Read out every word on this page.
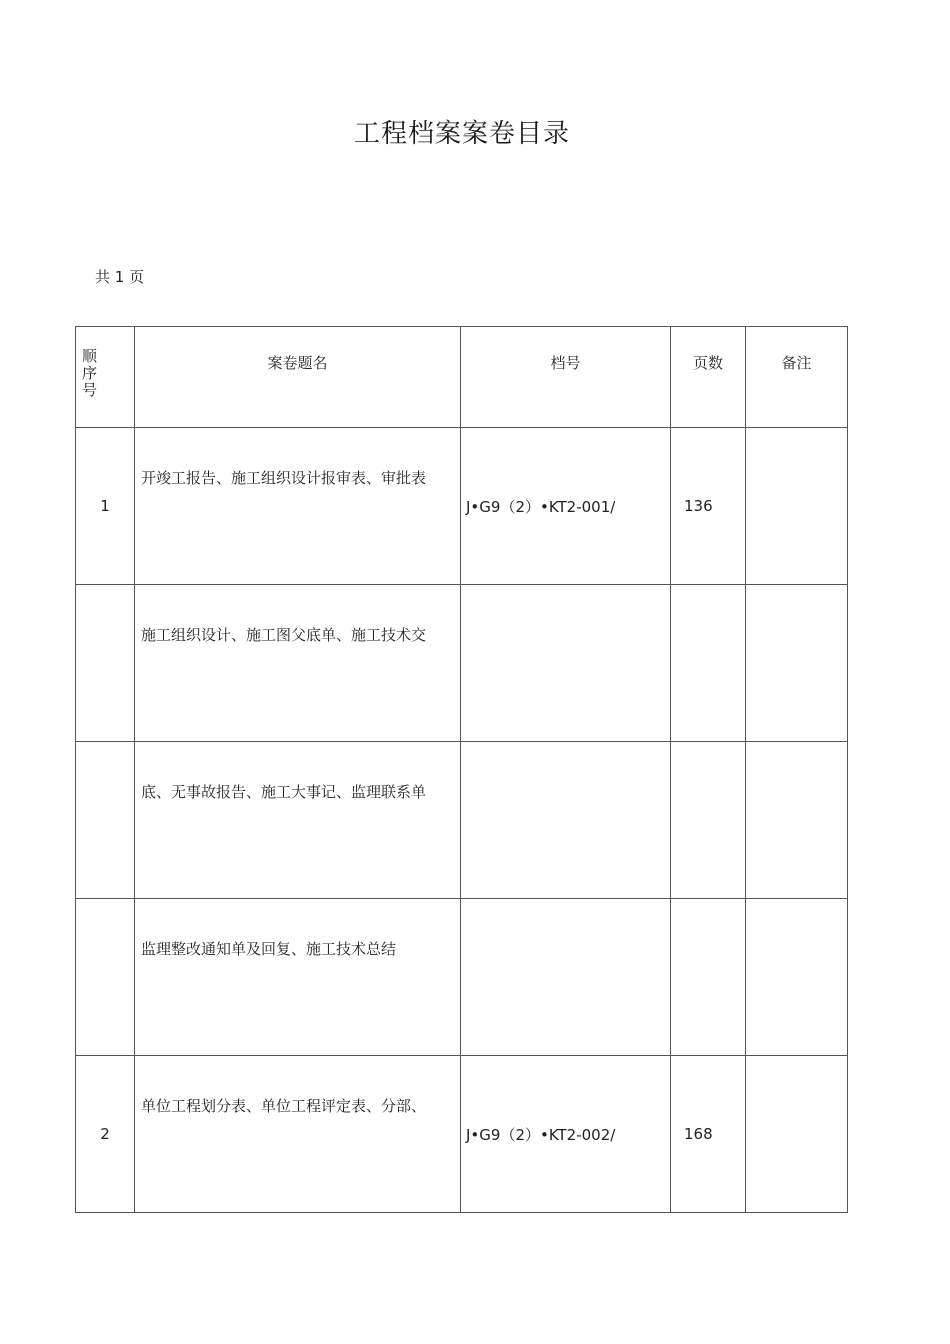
工程档案案卷目录
共 1 页
顺序号	案卷题名	档号	页数	备注
1	开竣工报告、施工组织设计报审表、审批表	J•G9（2）•KT2-001/	136	
	施工组织设计、施工图父底单、施工技术交			
	底、无事故报告、施工大事记、监理联系单			
	监理整改通知单及回复、施工技术总结			
2	单位工程划分表、单位工程评定表、分部、	J•G9（2）•KT2-002/	168	
